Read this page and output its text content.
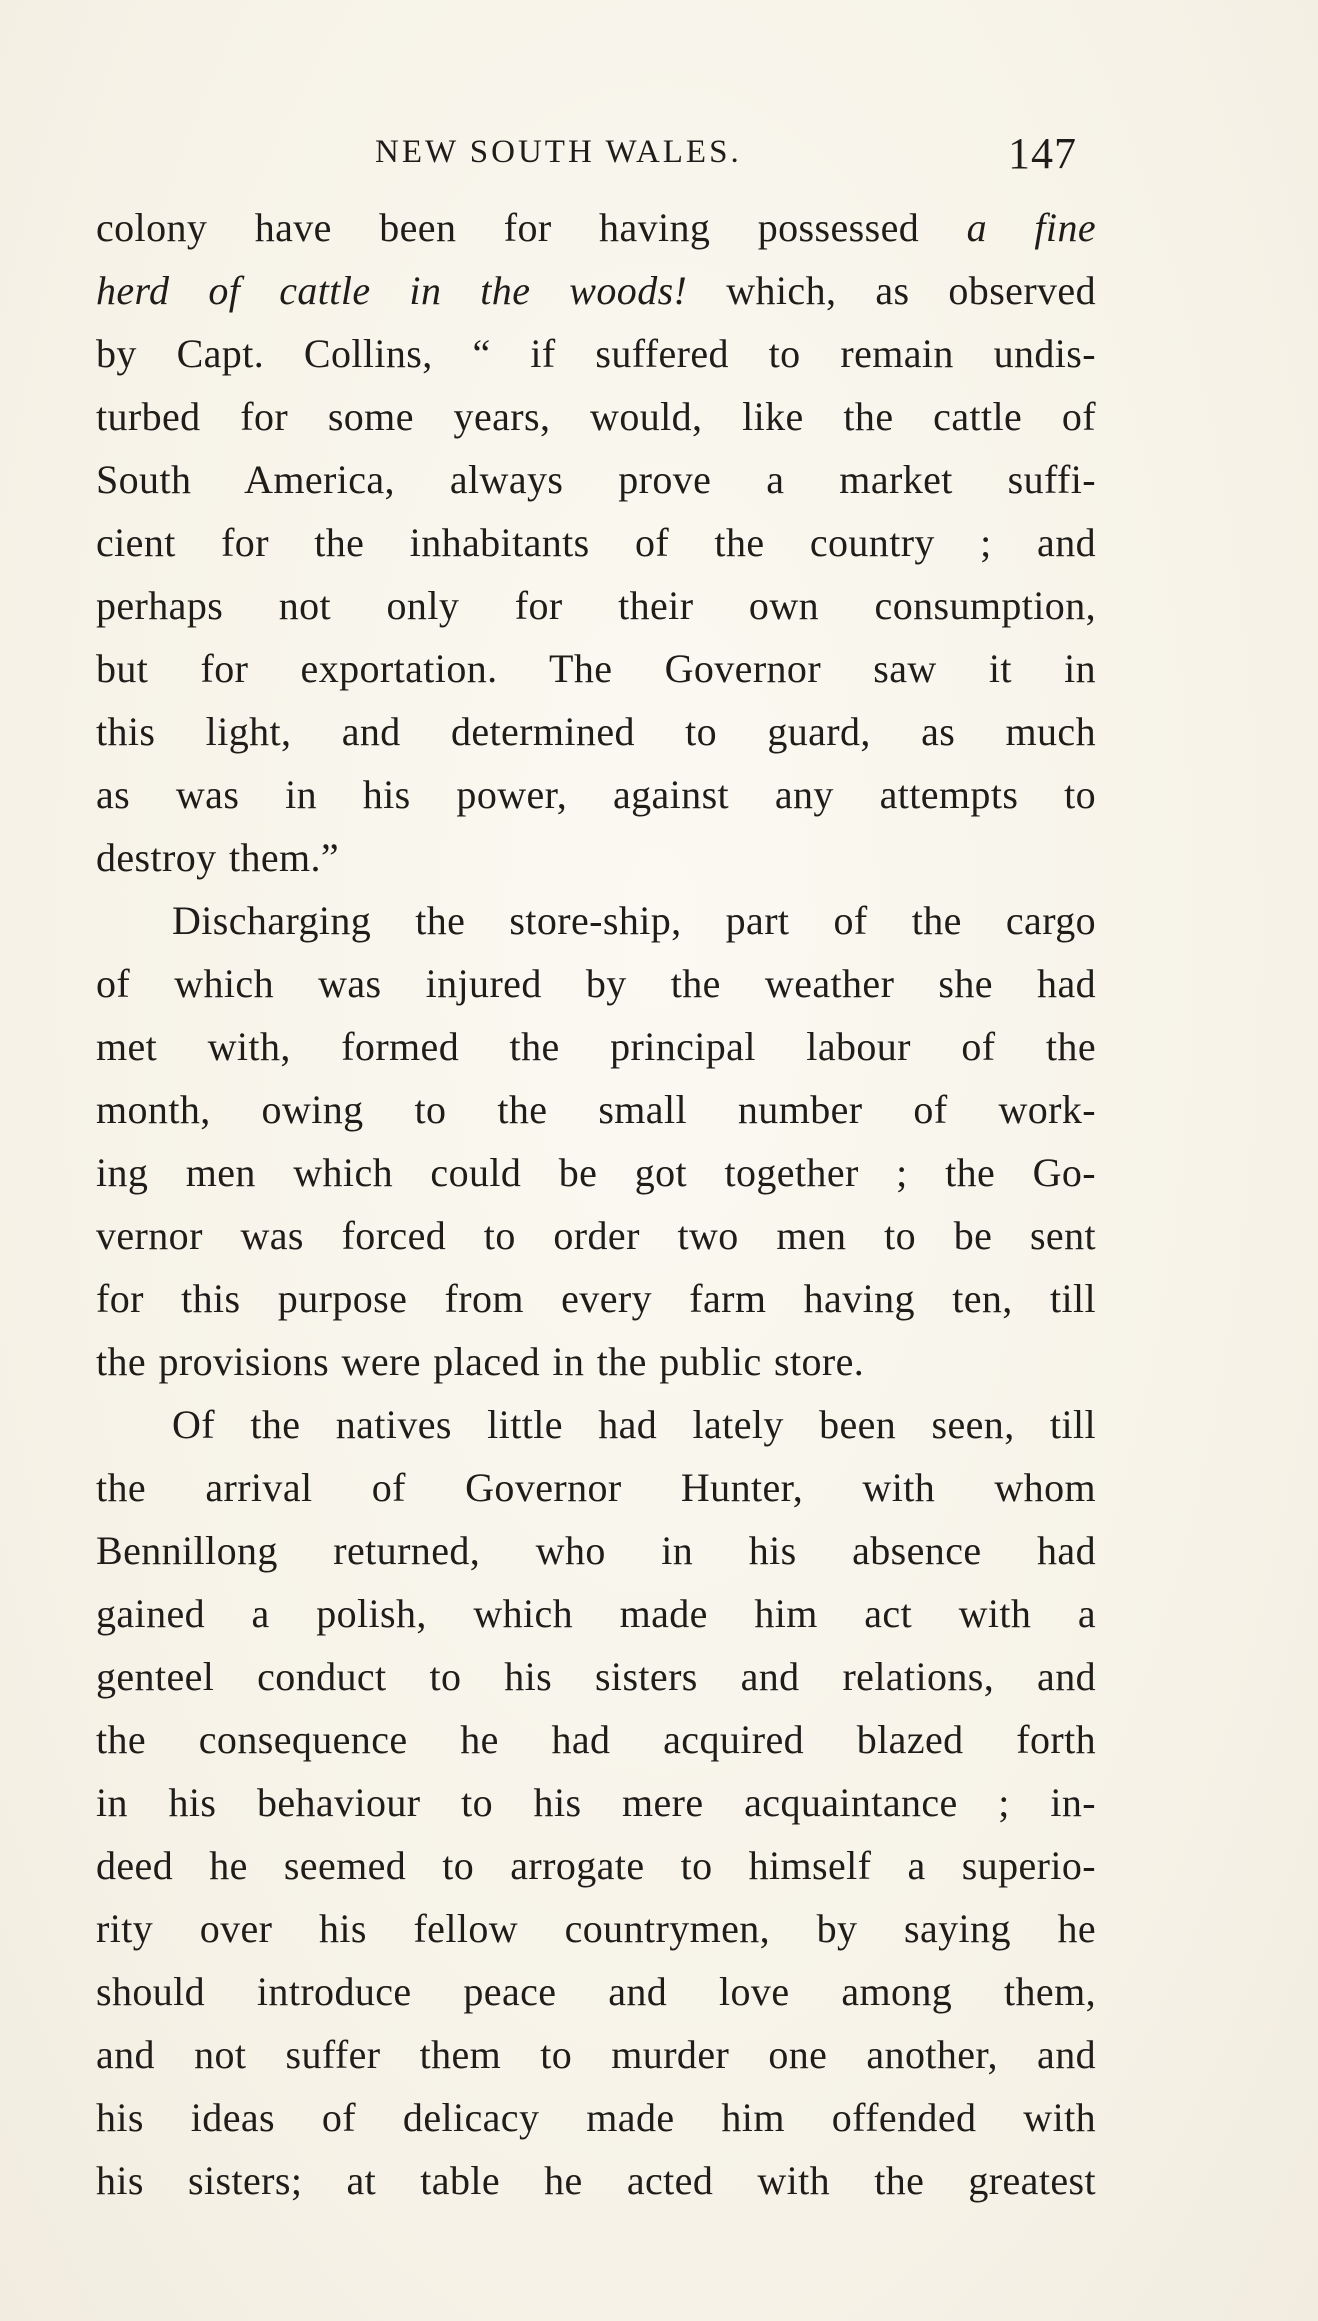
NEW SOUTH WALES.	147
colony have been for having possessed a fine
herd of cattle in the woods! which, as observed
by Capt. Collins, “ if suffered to remain undis-
turbed for some years, would, like the cattle of
South America, always prove a market suffi-
cient for the inhabitants of the country ; and
perhaps not only for their own consumption,
but for exportation. The Governor saw it in
this light, and determined to guard, as much
as was in his power, against any attempts to
destroy them.”
Discharging the store-ship, part of the cargo
of which was injured by the weather she had
met with, formed the principal labour of the
month, owing to the small number of work-
ing men which could be got together ; the Go-
vernor was forced to order two men to be sent
for this purpose from every farm having ten, till
the provisions were placed in the public store.
Of the natives little had lately been seen, till
the arrival of Governor Hunter, with whom
Bennillong returned, who in his absence had
gained a polish, which made him act with a
genteel conduct to his sisters and relations, and
the consequence he had acquired blazed forth
in his behaviour to his mere acquaintance ; in-
deed he seemed to arrogate to himself a superio-
rity over his fellow countrymen, by saying he
should introduce peace and love among them,
and not suffer them to murder one another, and
his ideas of delicacy made him offended with
his sisters; at table he acted with the greatest
